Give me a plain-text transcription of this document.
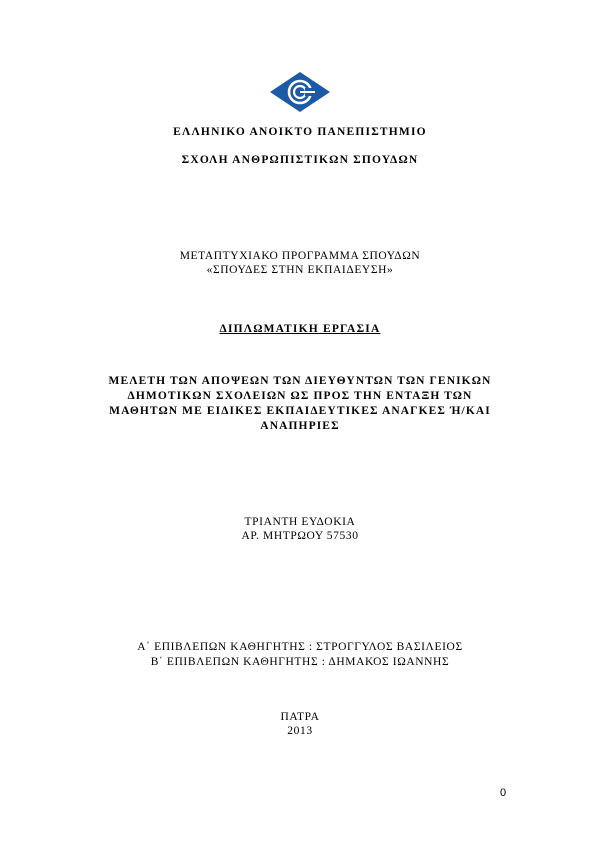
ΕΛΛΗΝΙΚΟ ΑΝΟΙΚΤΟ ΠΑΝΕΠΙΣΤΗΜΙΟ
ΣΧΟΛΗ ΑΝΘΡΩΠΙΣΤΙΚΩΝ ΣΠΟΥΔΩΝ
ΜΕΤΑΠΤΥΧΙΑΚΟ ΠΡΟΓΡΑΜΜΑ ΣΠΟΥΔΩΝ
«ΣΠΟΥΔΕΣ ΣΤΗΝ ΕΚΠΑΙΔΕΥΣΗ»
ΔΙΠΛΩΜΑΤΙΚΗ ΕΡΓΑΣΙΑ
ΜΕΛΕΤΗ ΤΩΝ ΑΠΟΨΕΩΝ ΤΩΝ ΔΙΕΥΘΥΝΤΩΝ ΤΩΝ ΓΕΝΙΚΩΝ
ΔΗΜΟΤΙΚΩΝ ΣΧΟΛΕΙΩΝ ΩΣ ΠΡΟΣ ΤΗΝ ΕΝΤΑΞΗ ΤΩΝ
ΜΑΘΗΤΩΝ ΜΕ ΕΙΔΙΚΕΣ ΕΚΠΑΙΔΕΥΤΙΚΕΣ ΑΝΑΓΚΕΣ Ή/ΚΑΙ
ΑΝΑΠΗΡΙΕΣ
ΤΡΙΑΝΤΗ ΕΥΔΟΚΙΑ
ΑΡ. ΜΗΤΡΩΟΥ 57530
Α΄ ΕΠΙΒΛΕΠΩΝ ΚΑΘΗΓΗΤΗΣ : ΣΤΡΟΓΓΥΛΟΣ ΒΑΣΙΛΕΙΟΣ
Β΄ ΕΠΙΒΛΕΠΩΝ ΚΑΘΗΓΗΤΗΣ : ΔΗΜΑΚΟΣ ΙΩΑΝΝΗΣ
ΠΑΤΡΑ
2013
0
